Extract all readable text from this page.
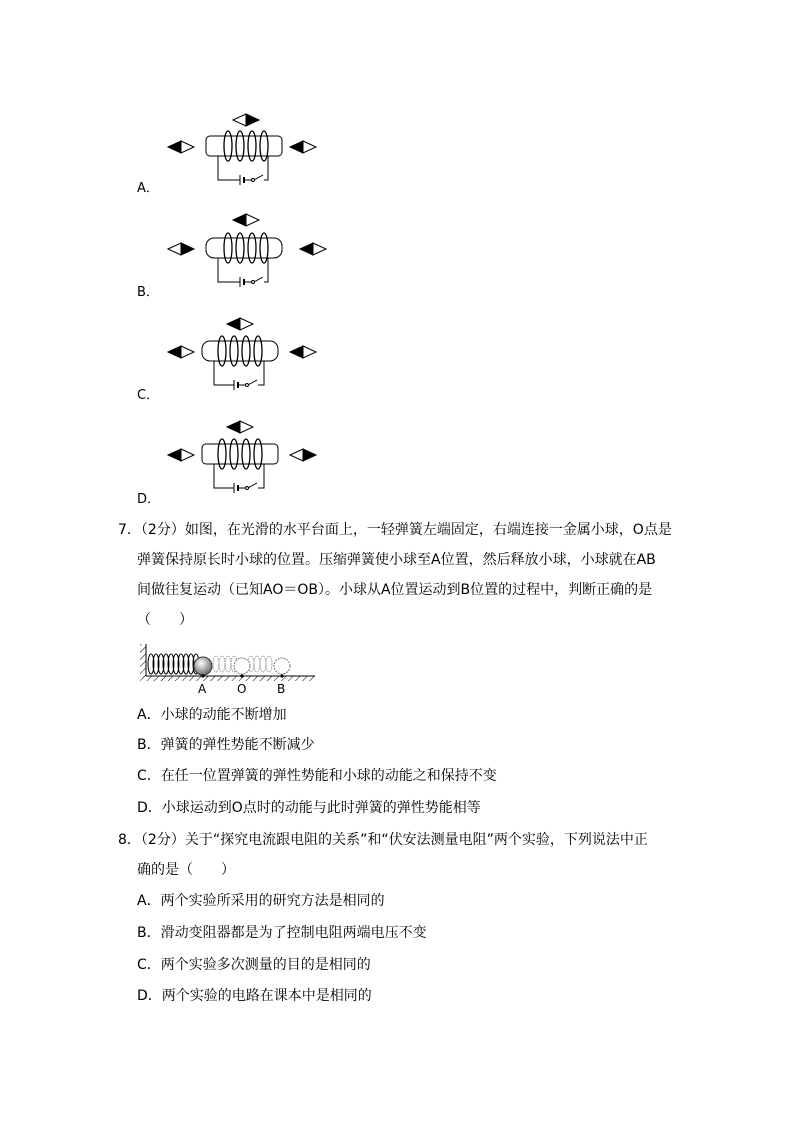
A．
B．
C．
D．
7．（2分）如图，在光滑的水平台面上，一轻弹簧左端固定，右端连接一金属小球，O点是
弹簧保持原长时小球的位置。压缩弹簧使小球至A位置，然后释放小球，小球就在AB
间做往复运动（已知AO＝OB）。小球从A位置运动到B位置的过程中，判断正确的是
（　　）
A	O	B
A．小球的动能不断增加
B．弹簧的弹性势能不断减少
C．在任一位置弹簧的弹性势能和小球的动能之和保持不变
D．小球运动到O点时的动能与此时弹簧的弹性势能相等
8．（2分）关于“探究电流跟电阻的关系”和“伏安法测量电阻”两个实验，下列说法中正
确的是（　　）
A．两个实验所采用的研究方法是相同的
B．滑动变阻器都是为了控制电阻两端电压不变
C．两个实验多次测量的目的是相同的
D．两个实验的电路在课本中是相同的
